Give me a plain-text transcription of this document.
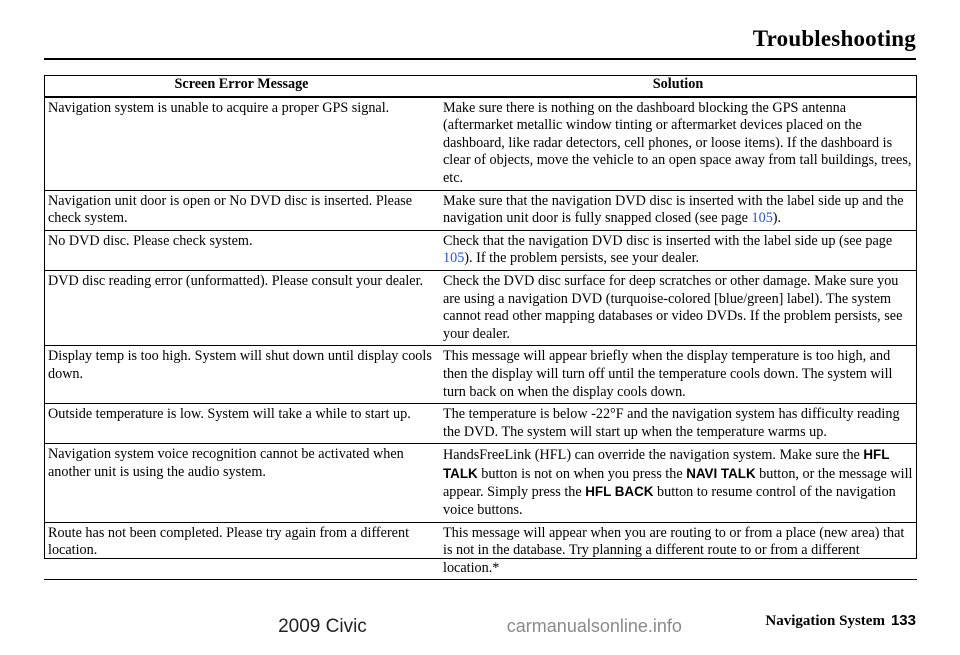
Troubleshooting
Screen Error Message	Solution
Navigation system is unable to acquire a proper GPS signal.	Make sure there is nothing on the dashboard blocking the GPS antenna (aftermarket metallic window tinting or aftermarket devices placed on the dashboard, like radar detectors, cell phones, or loose items). If the dashboard is clear of objects, move the vehicle to an open space away from tall buildings, trees, etc.
Navigation unit door is open or No DVD disc is inserted. Please check system.	Make sure that the navigation DVD disc is inserted with the label side up and the navigation unit door is fully snapped closed (see page 105).
No DVD disc. Please check system.	Check that the navigation DVD disc is inserted with the label side up (see page 105). If the problem persists, see your dealer.
DVD disc reading error (unformatted). Please consult your dealer.	Check the DVD disc surface for deep scratches or other damage. Make sure you are using a navigation DVD (turquoise-colored [blue/green] label). The system cannot read other mapping databases or video DVDs. If the problem persists, see your dealer.
Display temp is too high. System will shut down until display cools down.	This message will appear briefly when the display temperature is too high, and then the display will turn off until the temperature cools down. The system will turn back on when the display cools down.
Outside temperature is low. System will take a while to start up.	The temperature is below -22°F and the navigation system has difficulty reading the DVD. The system will start up when the temperature warms up.
Navigation system voice recognition cannot be activated when another unit is using the audio system.	HandsFreeLink (HFL) can override the navigation system. Make sure the HFL TALK button is not on when you press the NAVI TALK button, or the message will appear. Simply press the HFL BACK button to resume control of the navigation voice buttons.
Route has not been completed. Please try again from a different location.	This message will appear when you are routing to or from a place (new area) that is not in the database. Try planning a different route to or from a different location.*
Navigation System 133
2009 Civic	carmanualsonline.info
